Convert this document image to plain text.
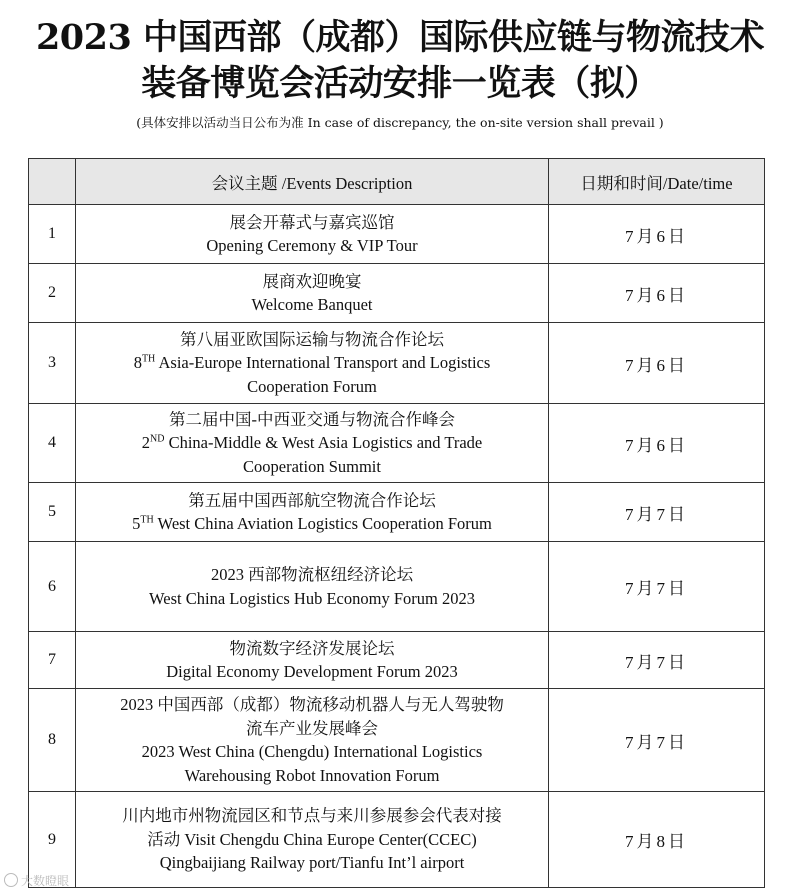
2023 中国西部（成都）国际供应链与物流技术
装备博览会活动安排一览表（拟）
(具体安排以活动当日公布为准 In case of discrepancy, the on-site version shall prevail )
	会议主题 /Events Description	日期和时间/Date/time
1	展会开幕式与嘉宾巡馆
Opening Ceremony & VIP Tour	7月6日
2	展商欢迎晚宴
Welcome Banquet	7月6日
3	第八届亚欧国际运输与物流合作论坛
8TH Asia-Europe International Transport and Logistics
Cooperation Forum	7月6日
4	第二届中国-中西亚交通与物流合作峰会
2ND China-Middle & West Asia Logistics and Trade
Cooperation Summit	7月6日
5	第五届中国西部航空物流合作论坛
5TH West China Aviation Logistics Cooperation Forum	7月7日
6	2023 西部物流枢纽经济论坛
West China Logistics Hub Economy Forum 2023	7月7日
7	物流数字经济发展论坛
Digital Economy Development Forum 2023	7月7日
8	2023 中国西部（成都）物流移动机器人与无人驾驶物
流车产业发展峰会
2023 West China (Chengdu) International Logistics
Warehousing Robot Innovation Forum	7月7日
9	川内地市州物流园区和节点与来川参展参会代表对接
活动 Visit Chengdu China Europe Center(CCEC)
Qingbaijiang Railway port/Tianfu Int’l airport	7月8日
大数瞪眼
